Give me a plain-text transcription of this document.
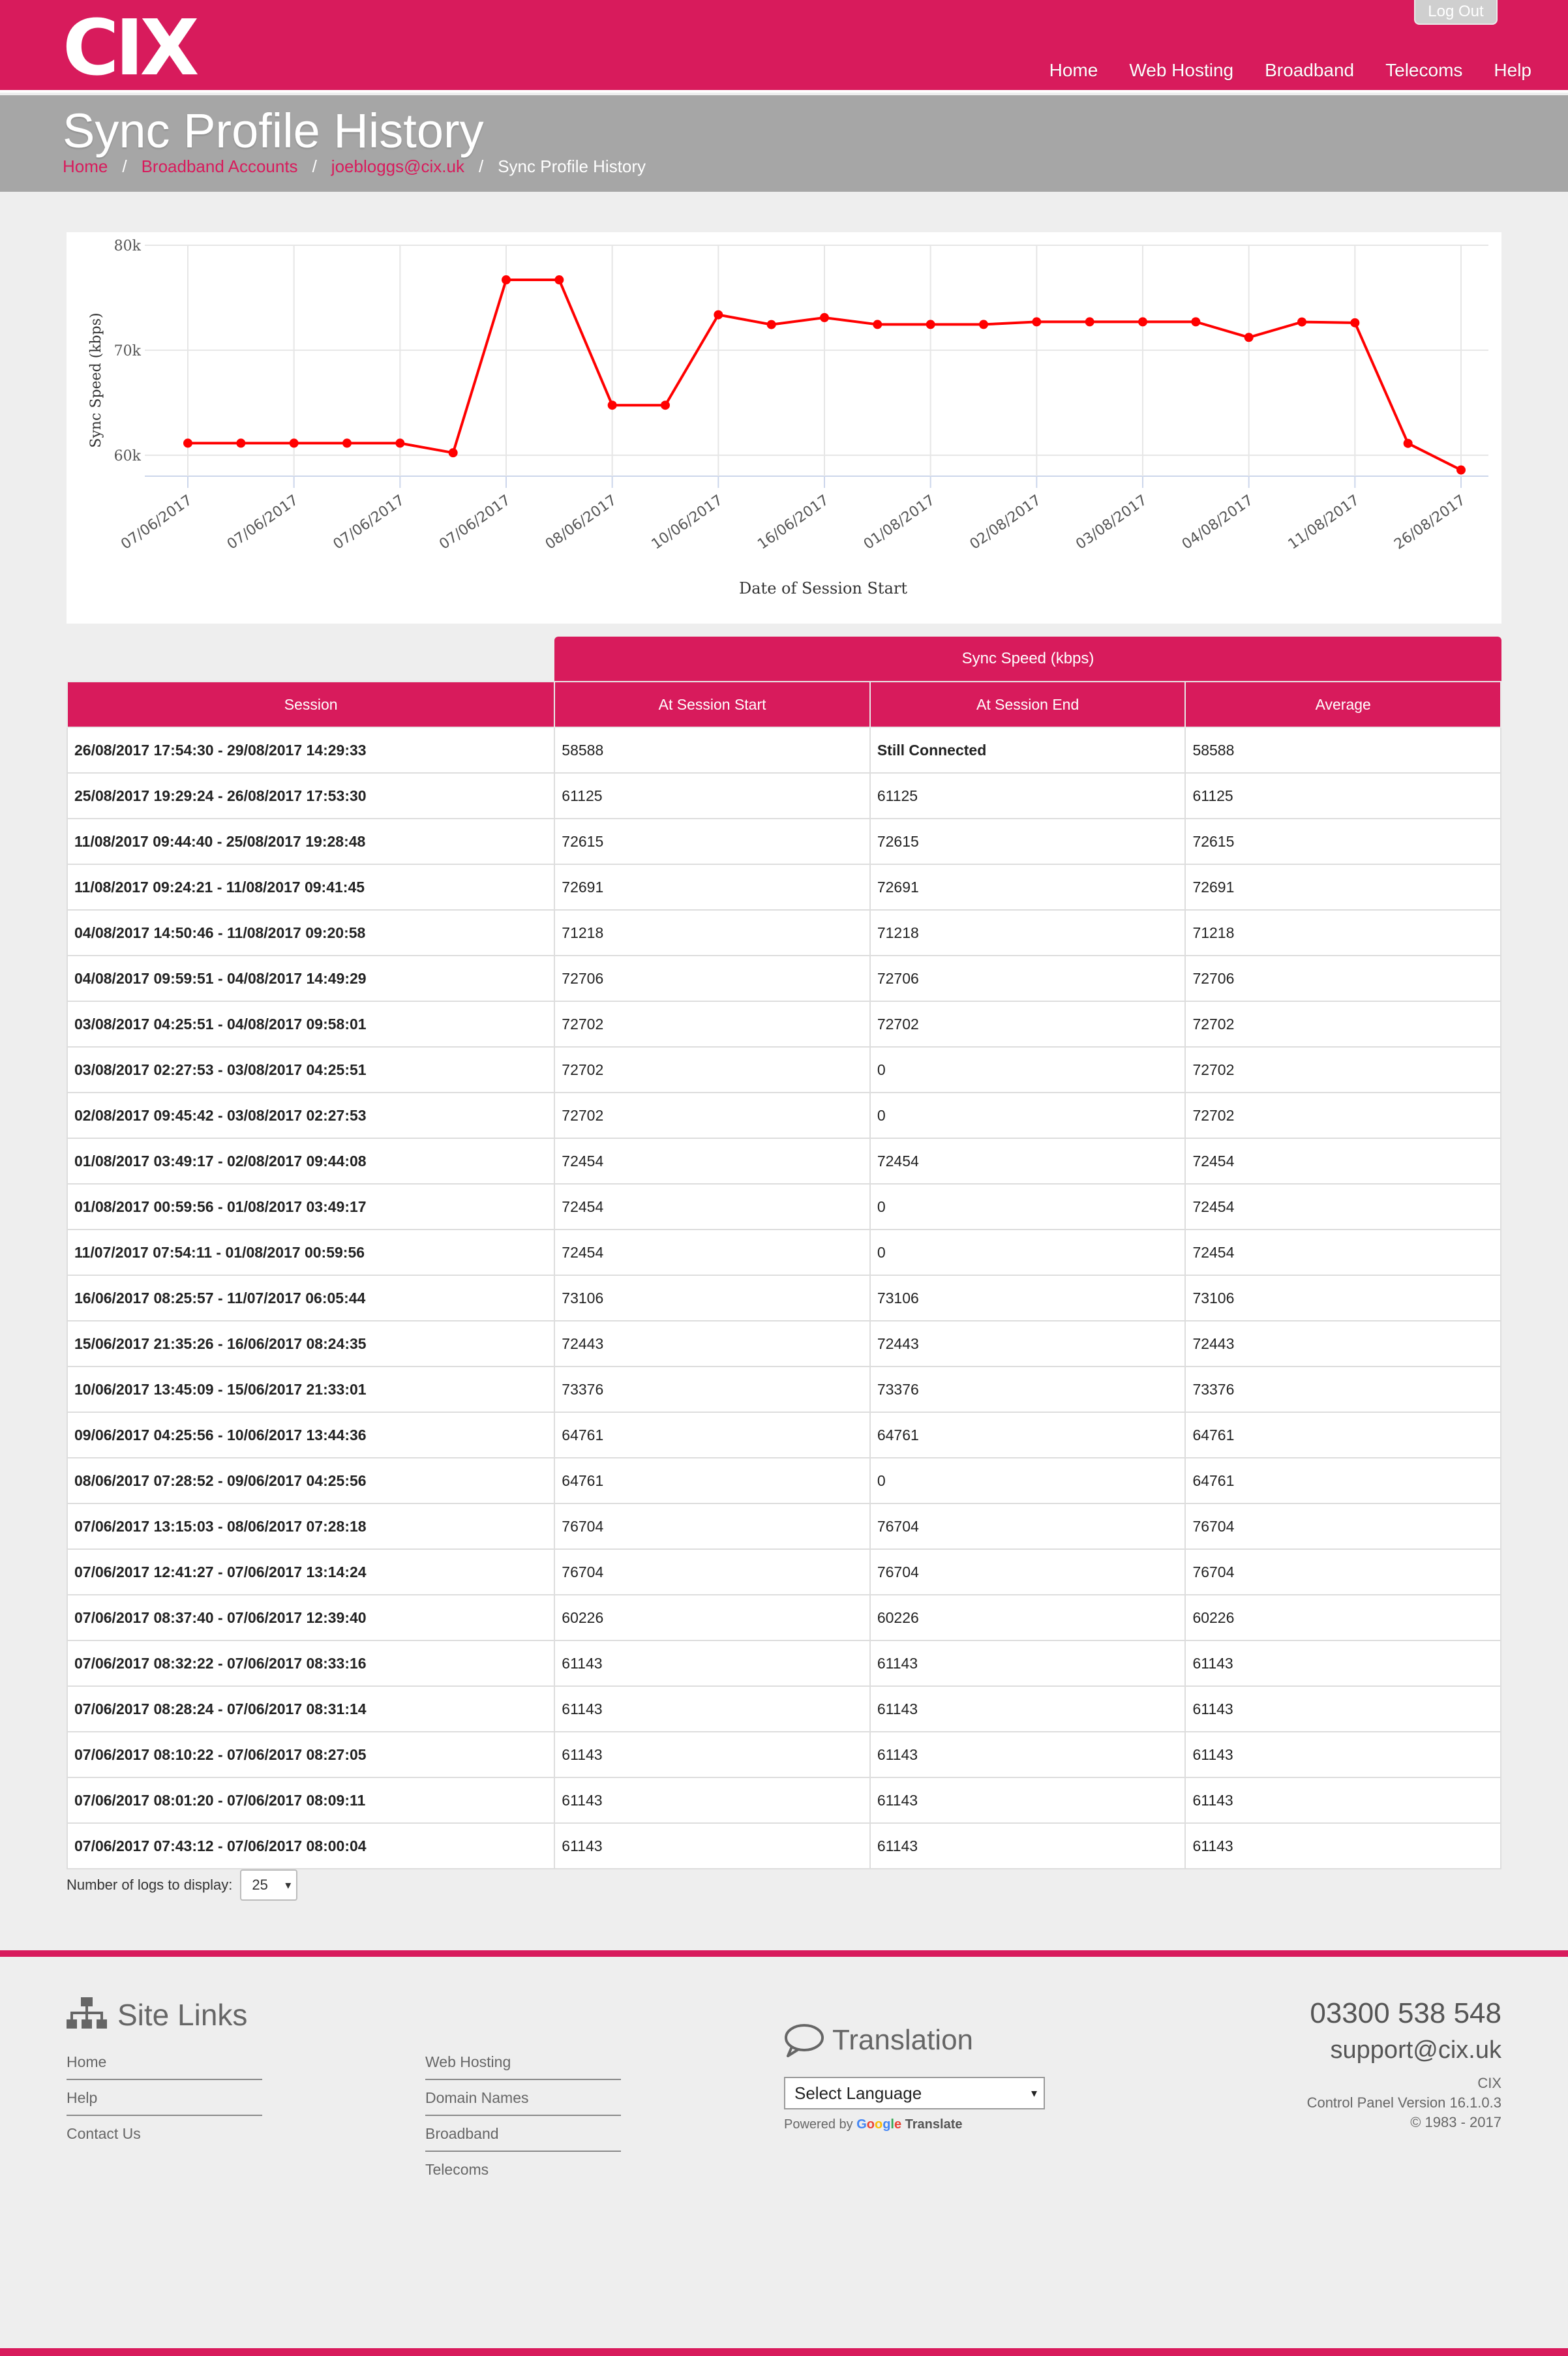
CIX	Log Out
Home Web Hosting Broadband Telecoms Help
Sync Profile History
Home / Broadband Accounts / joebloggs@cix.uk / Sync Profile History
60k
70k
80k
07/06/2017 07/06/2017 07/06/2017 07/06/2017 08/06/2017 10/06/2017 16/06/2017 01/08/2017 02/08/2017 03/08/2017 04/08/2017 11/08/2017 26/08/2017
Date of Session Start
Sync Speed (kbps)
Sync Speed (kbps)
Session	At Session Start	At Session End	Average
26/08/2017 17:54:30 - 29/08/2017 14:29:33	58588	Still Connected	58588
25/08/2017 19:29:24 - 26/08/2017 17:53:30	61125	61125	61125
11/08/2017 09:44:40 - 25/08/2017 19:28:48	72615	72615	72615
11/08/2017 09:24:21 - 11/08/2017 09:41:45	72691	72691	72691
04/08/2017 14:50:46 - 11/08/2017 09:20:58	71218	71218	71218
04/08/2017 09:59:51 - 04/08/2017 14:49:29	72706	72706	72706
03/08/2017 04:25:51 - 04/08/2017 09:58:01	72702	72702	72702
03/08/2017 02:27:53 - 03/08/2017 04:25:51	72702	0	72702
02/08/2017 09:45:42 - 03/08/2017 02:27:53	72702	0	72702
01/08/2017 03:49:17 - 02/08/2017 09:44:08	72454	72454	72454
01/08/2017 00:59:56 - 01/08/2017 03:49:17	72454	0	72454
11/07/2017 07:54:11 - 01/08/2017 00:59:56	72454	0	72454
16/06/2017 08:25:57 - 11/07/2017 06:05:44	73106	73106	73106
15/06/2017 21:35:26 - 16/06/2017 08:24:35	72443	72443	72443
10/06/2017 13:45:09 - 15/06/2017 21:33:01	73376	73376	73376
09/06/2017 04:25:56 - 10/06/2017 13:44:36	64761	64761	64761
08/06/2017 07:28:52 - 09/06/2017 04:25:56	64761	0	64761
07/06/2017 13:15:03 - 08/06/2017 07:28:18	76704	76704	76704
07/06/2017 12:41:27 - 07/06/2017 13:14:24	76704	76704	76704
07/06/2017 08:37:40 - 07/06/2017 12:39:40	60226	60226	60226
07/06/2017 08:32:22 - 07/06/2017 08:33:16	61143	61143	61143
07/06/2017 08:28:24 - 07/06/2017 08:31:14	61143	61143	61143
07/06/2017 08:10:22 - 07/06/2017 08:27:05	61143	61143	61143
07/06/2017 08:01:20 - 07/06/2017 08:09:11	61143	61143	61143
07/06/2017 07:43:12 - 07/06/2017 08:00:04	61143	61143	61143
Number of logs to display:	25 ▾
Site Links
Home
Help
Contact Us
Web Hosting
Domain Names
Broadband
Telecoms
Translation
Select Language	▾
Powered by Google Translate
03300 538 548
support@cix.uk
CIX
Control Panel Version 16.1.0.3
© 1983 - 2017
